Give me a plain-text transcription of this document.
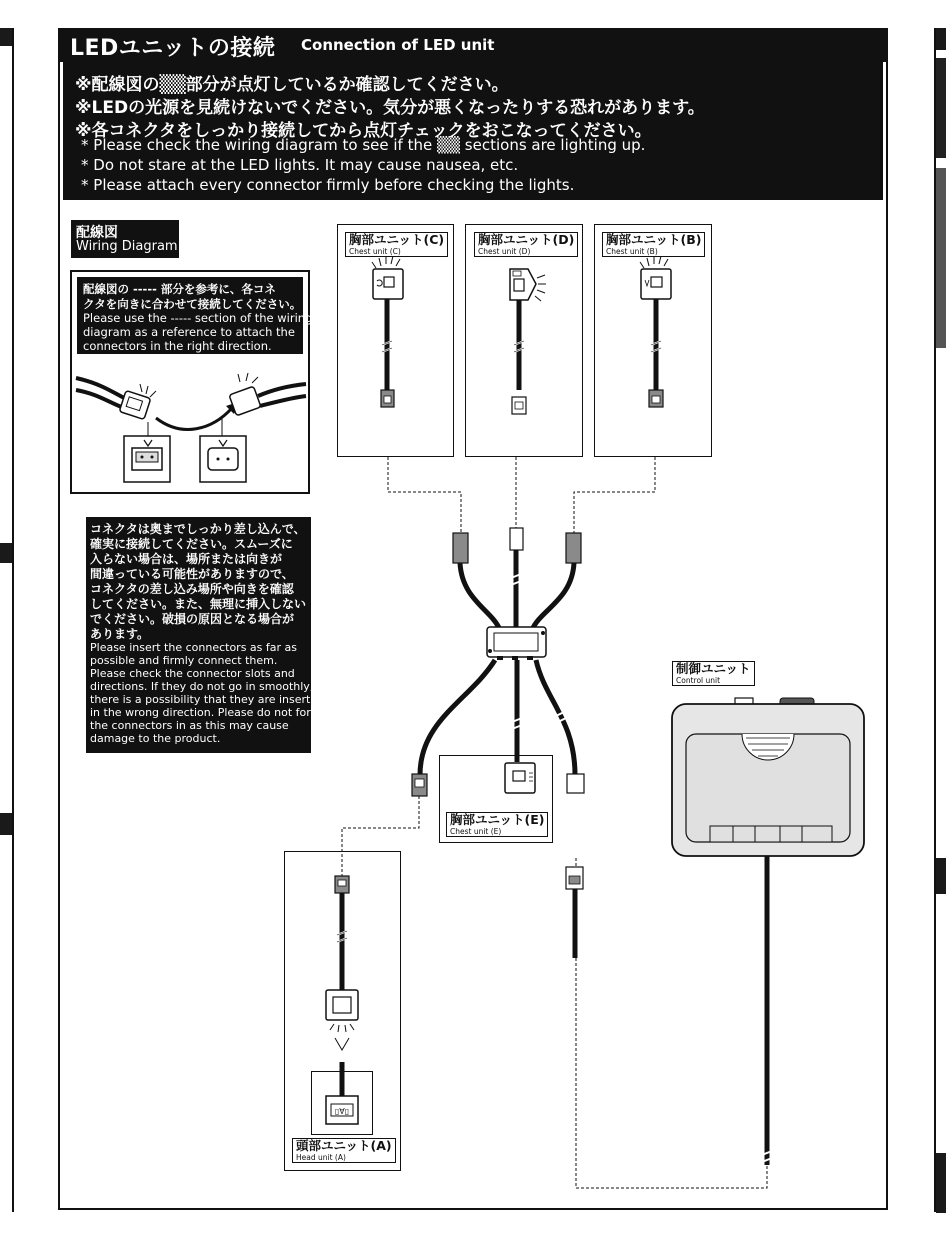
LEDユニットの接続 Connection of LED unit
※配線図の▒▒部分が点灯しているか確認してください。
※LEDの光源を見続けないでください。気分が悪くなったりする恐れがあります。
※各コネクタをしっかり接続してから点灯チェックをおこなってください。
* Please check the wiring diagram to see if the ▒▒ sections are lighting up.
* Do not stare at the LED lights. It may cause nausea, etc.
* Please attach every connector firmly before checking the lights.
配線図
Wiring Diagram
配線図の ----- 部分を参考に、各コネ
クタを向きに合わせて接続してください。
Please use the ----- section of the wiring
diagram as a reference to attach the
connectors in the right direction.
コネクタは奥までしっかり差し込んで、
確実に接続してください。スムーズに
入らない場合は、場所または向きが
間違っている可能性がありますので、
コネクタの差し込み場所や向きを確認
してください。また、無理に挿入しない
でください。破損の原因となる場合が
あります。
Please insert the connectors as far as
possible and firmly connect them.
Please check the connector slots and
directions. If they do not go in smoothly,
there is a possibility that they are inserted
in the wrong direction. Please do not force
the connectors in as this may cause
damage to the product.
▯∀▯
胸部ユニット(C)
Chest unit (C)
胸部ユニット(D)
Chest unit (D)
胸部ユニット(B)
Chest unit (B)
胸部ユニット(E)
Chest unit (E)
頭部ユニット(A)
Head unit (A)
制御ユニット
Control unit
